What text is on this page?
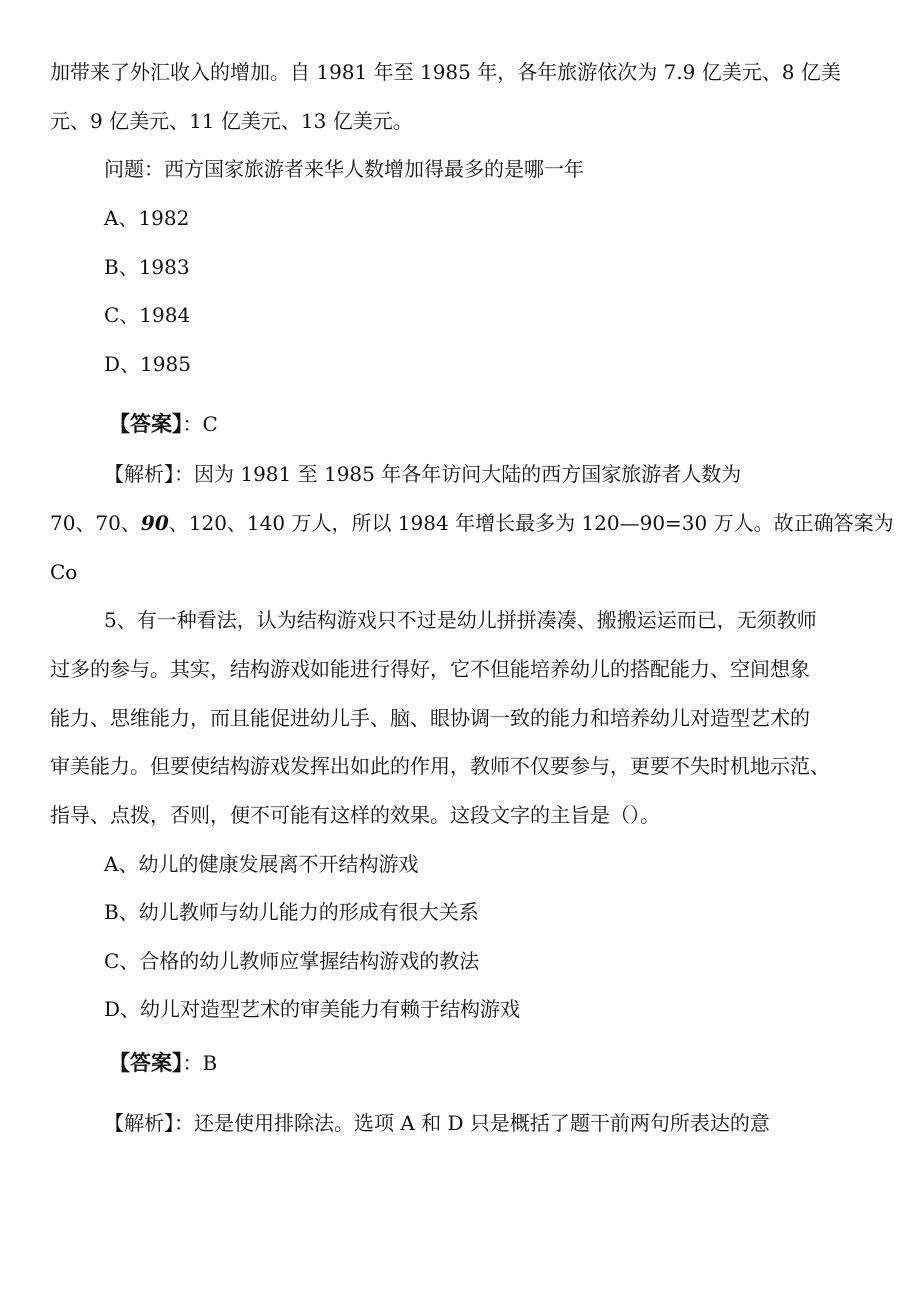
加带来了外汇收入的增加。自 1981 年至 1985 年，各年旅游依次为 7.9 亿美元、8 亿美
元、9 亿美元、11 亿美元、13 亿美元。
问题：西方国家旅游者来华人数增加得最多的是哪一年
A、1982
B、1983
C、1984
D、1985
【答案】：C
【解析】：因为 1981 至 1985 年各年访问大陆的西方国家旅游者人数为
70、70、90、120、140 万人，所以 1984 年增长最多为 120—90=30 万人。故正确答案为
Co
5、有一种看法，认为结构游戏只不过是幼儿拼拼凑凑、搬搬运运而已，无须教师
过多的参与。其实，结构游戏如能进行得好，它不但能培养幼儿的搭配能力、空间想象
能力、思维能力，而且能促进幼儿手、脑、眼协调一致的能力和培养幼儿对造型艺术的
审美能力。但要使结构游戏发挥出如此的作用，教师不仅要参与，更要不失时机地示范、
指导、点拨，否则，便不可能有这样的效果。这段文字的主旨是（）。
A、幼儿的健康发展离不开结构游戏
B、幼儿教师与幼儿能力的形成有很大关系
C、合格的幼儿教师应掌握结构游戏的教法
D、幼儿对造型艺术的审美能力有赖于结构游戏
【答案】：B
【解析】：还是使用排除法。选项 A 和 D 只是概括了题干前两句所表达的意
